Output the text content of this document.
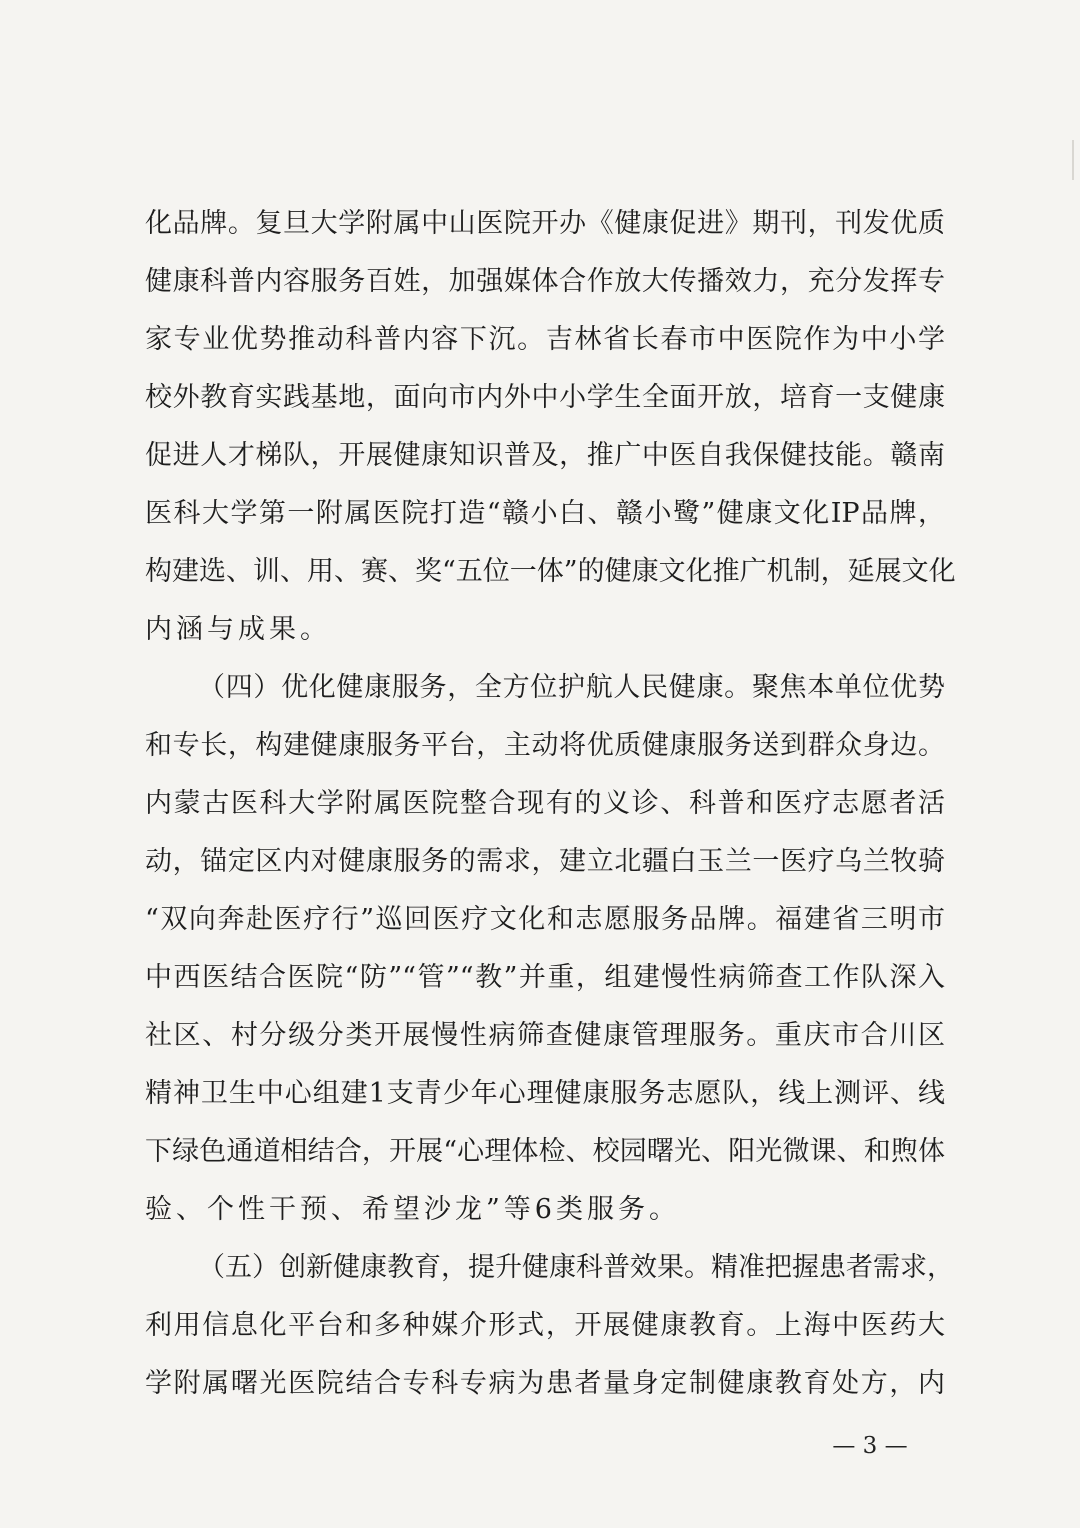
化品牌。复旦大学附属中山医院开办《健康促进》期刊，刊发优质
健康科普内容服务百姓，加强媒体合作放大传播效力，充分发挥专
家专业优势推动科普内容下沉。吉林省长春市中医院作为中小学
校外教育实践基地，面向市内外中小学生全面开放，培育一支健康
促进人才梯队，开展健康知识普及，推广中医自我保健技能。赣南
医科大学第一附属医院打造“赣小白、赣小鹭”健康文化IP品牌，
构建选、训、用、赛、奖“五位一体”的健康文化推广机制，延展文化
内涵与成果。
（四）优化健康服务，全方位护航人民健康。聚焦本单位优势
和专长，构建健康服务平台，主动将优质健康服务送到群众身边。
内蒙古医科大学附属医院整合现有的义诊、科普和医疗志愿者活
动，锚定区内对健康服务的需求，建立北疆白玉兰一医疗乌兰牧骑
“双向奔赴医疗行”巡回医疗文化和志愿服务品牌。福建省三明市
中西医结合医院“防”“管”“教”并重，组建慢性病筛查工作队深入
社区、村分级分类开展慢性病筛查健康管理服务。重庆市合川区
精神卫生中心组建1支青少年心理健康服务志愿队，线上测评、线
下绿色通道相结合，开展“心理体检、校园曙光、阳光微课、和煦体
验、个性干预、希望沙龙”等6类服务。
（五）创新健康教育，提升健康科普效果。精准把握患者需求，
利用信息化平台和多种媒介形式，开展健康教育。上海中医药大
学附属曙光医院结合专科专病为患者量身定制健康教育处方，内
— 3 —
